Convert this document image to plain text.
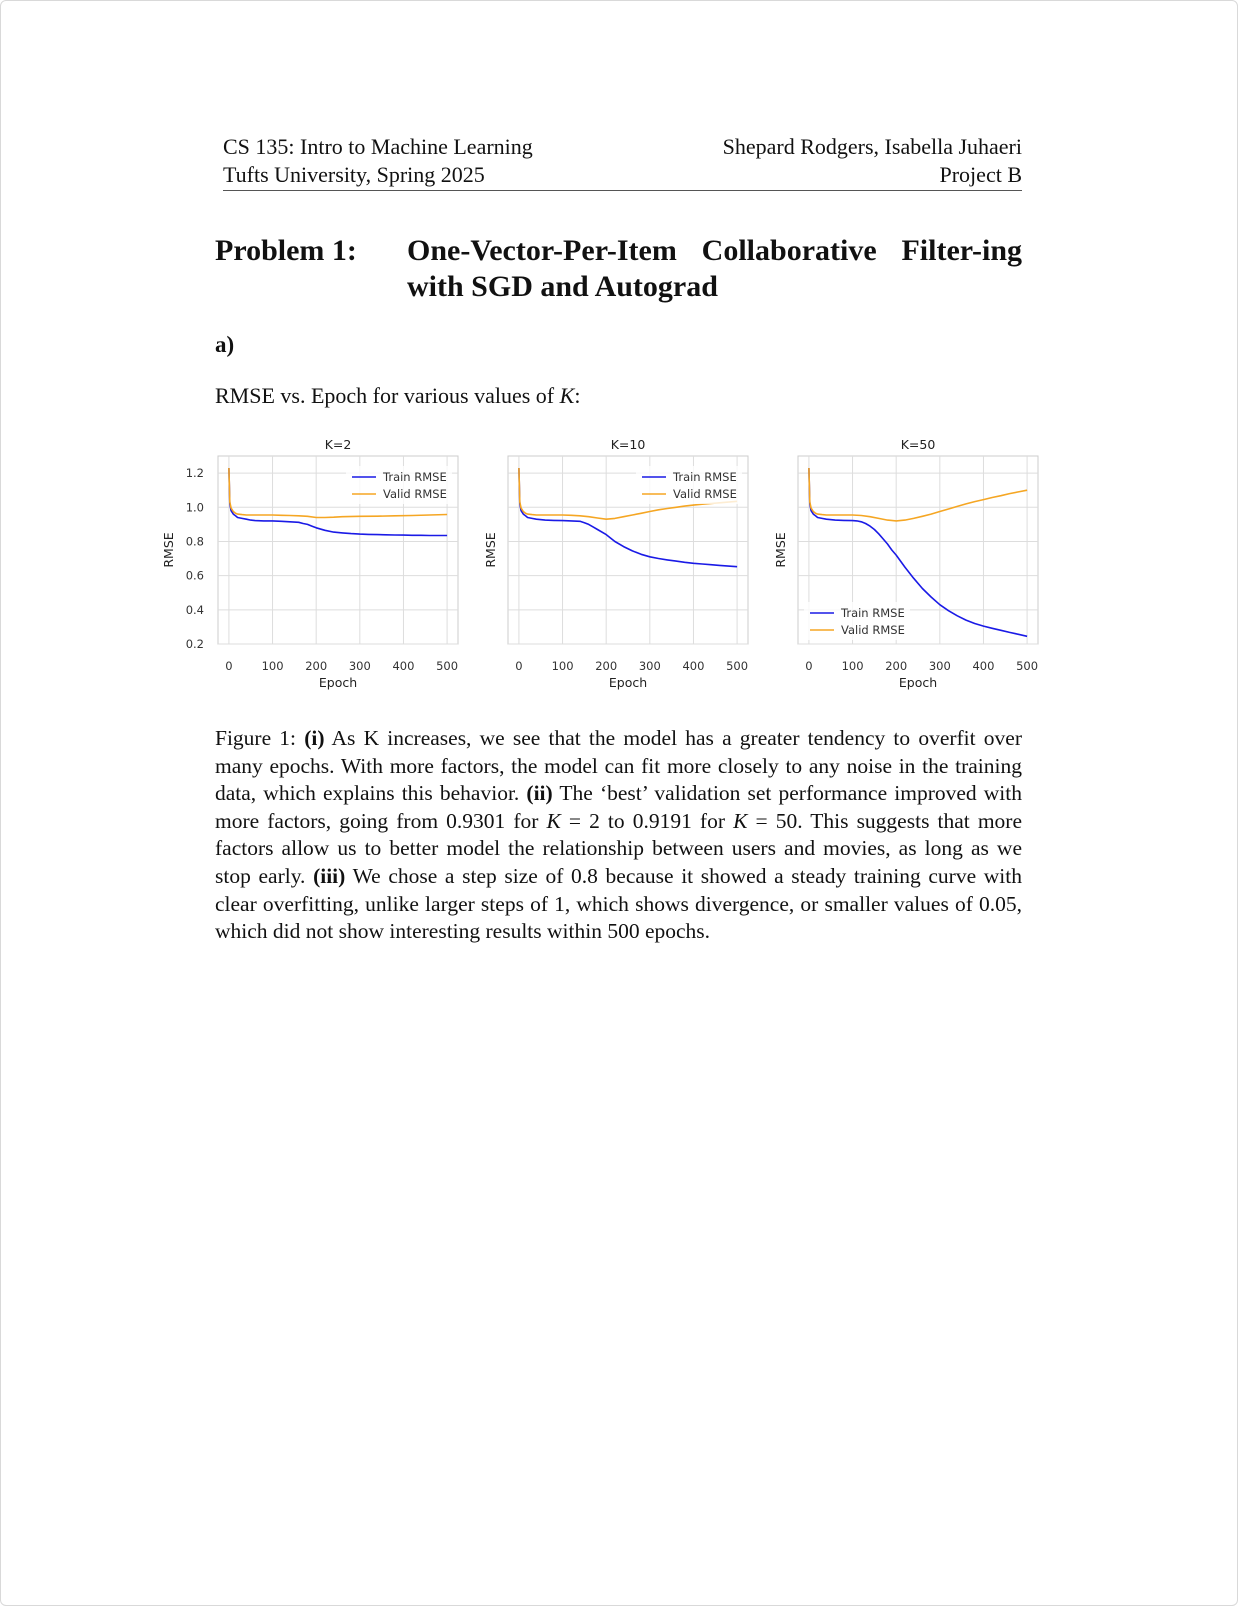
CS 135: Intro to Machine Learning	Shepard Rodgers, Isabella Juhaeri
Tufts University, Spring 2025	Project B
Problem 1:	One-Vector-Per-Item Collaborative Filter-ing with SGD and Autograd
a)
RMSE vs. Epoch for various values of K:
0	100 200 300 400 500
0.2
0.4
0.6
0.8
1.0
1.2
K=2
Epoch
RMSE
Train RMSE
Valid RMSE
0	100 200 300 400 500
K=10
Epoch
RMSE
Train RMSE
Valid RMSE
0	100 200 300 400 500
K=50
Epoch
RMSE
Train RMSE
Valid RMSE
Figure 1: (i) As K increases, we see that the model has a greater tendency to overfit over many epochs. With more factors, the model can fit more closely to any noise in the training data, which explains this behavior. (ii) The ‘best’ validation set performance improved with more factors, going from 0.9301 for K = 2 to 0.9191 for K = 50. This suggests that more factors allow us to better model the relationship between users and movies, as long as we stop early. (iii) We chose a step size of 0.8 because it showed a steady training curve with clear overfitting, unlike larger steps of 1, which shows divergence, or smaller values of 0.05, which did not show interesting results within 500 epochs.
